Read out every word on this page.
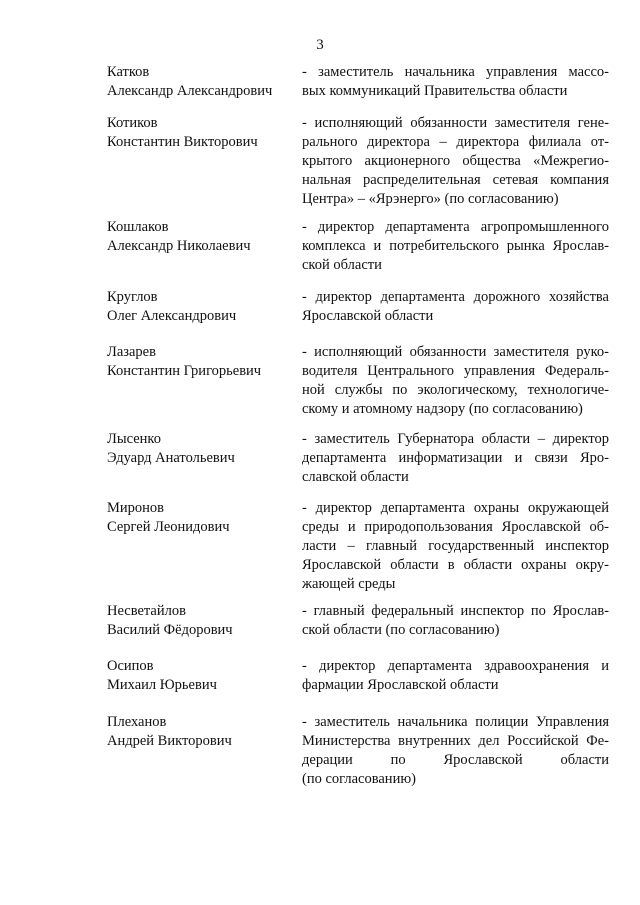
3
Катков
Александр Александрович
- заместитель начальника управления массо-
вых коммуникаций Правительства области
Котиков
Константин Викторович
- исполняющий обязанности заместителя гене-
рального директора – директора филиала от-
крытого акционерного общества «Межрегио-
нальная распределительная сетевая компания
Центра» – «Ярэнерго» (по согласованию)
Кошлаков
Александр Николаевич
- директор департамента агропромышленного
комплекса и потребительского рынка Ярослав-
ской области
Круглов
Олег Александрович
- директор департамента дорожного хозяйства
Ярославской области
Лазарев
Константин Григорьевич
- исполняющий обязанности заместителя руко-
водителя Центрального управления Федераль-
ной службы по экологическому, технологиче-
скому и атомному надзору (по согласованию)
Лысенко
Эдуард Анатольевич
- заместитель Губернатора области – директор
департамента информатизации и связи Яро-
славской области
Миронов
Сергей Леонидович
- директор департамента охраны окружающей
среды и природопользования Ярославской об-
ласти – главный государственный инспектор
Ярославской области в области охраны окру-
жающей среды
Несветайлов
Василий Фёдорович
- главный федеральный инспектор по Ярослав-
ской области (по согласованию)
Осипов
Михаил Юрьевич
- директор департамента здравоохранения и
фармации Ярославской области
Плеханов
Андрей Викторович
- заместитель начальника полиции Управления
Министерства внутренних дел Российской Фе-
дерации по Ярославской области
(по согласованию)
